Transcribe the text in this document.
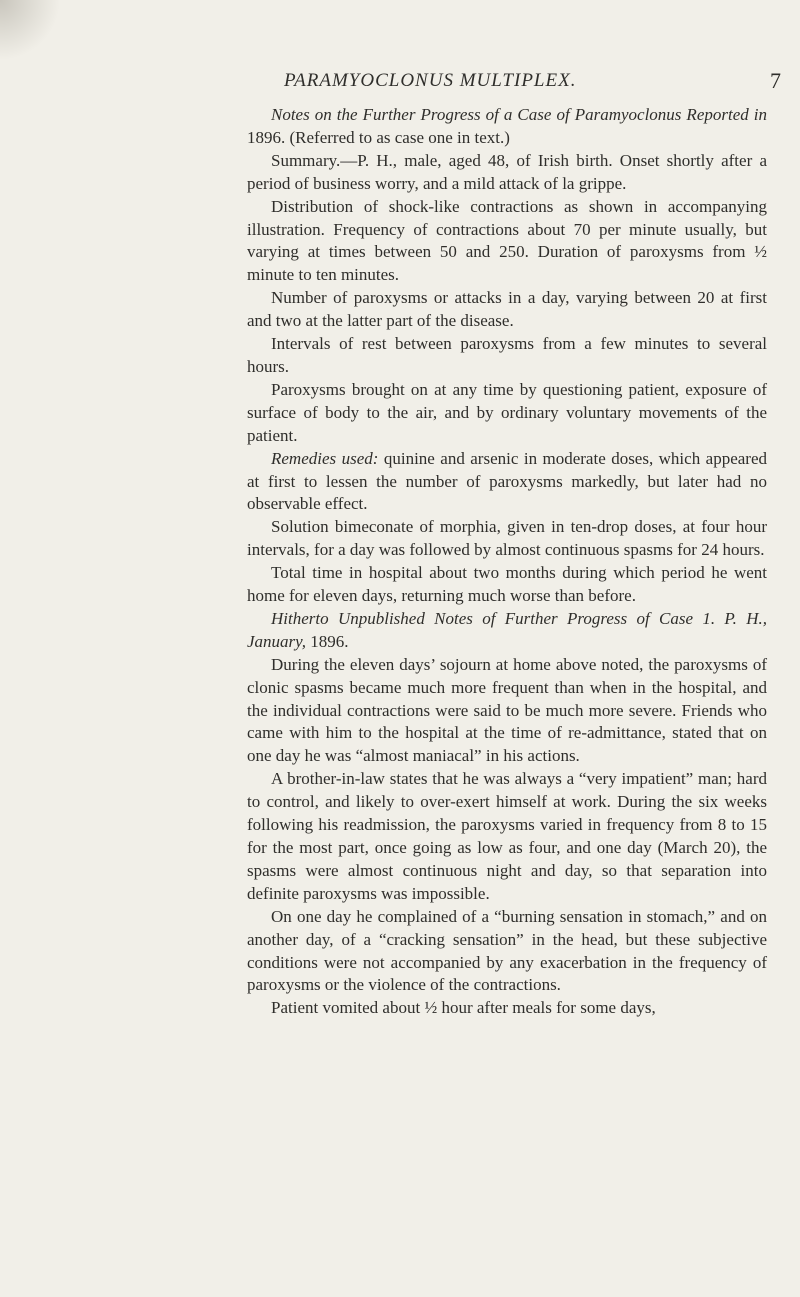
PARAMYOCLONUS MULTIPLEX.	7

Notes on the Further Progress of a Case of Paramyoclonus Reported in 1896. (Referred to as case one in text.)

Summary.—P. H., male, aged 48, of Irish birth. Onset shortly after a period of business worry, and a mild attack of la grippe.

Distribution of shock-like contractions as shown in accompanying illustration. Frequency of contractions about 70 per minute usually, but varying at times between 50 and 250. Duration of paroxysms from ½ minute to ten minutes.

Number of paroxysms or attacks in a day, varying between 20 at first and two at the latter part of the disease.

Intervals of rest between paroxysms from a few minutes to several hours.

Paroxysms brought on at any time by questioning patient, exposure of surface of body to the air, and by ordinary voluntary movements of the patient.

Remedies used: quinine and arsenic in moderate doses, which appeared at first to lessen the number of paroxysms markedly, but later had no observable effect.

Solution bimeconate of morphia, given in ten-drop doses, at four hour intervals, for a day was followed by almost continuous spasms for 24 hours.

Total time in hospital about two months during which period he went home for eleven days, returning much worse than before.

Hitherto Unpublished Notes of Further Progress of Case 1. P. H., January, 1896.

During the eleven days’ sojourn at home above noted, the paroxysms of clonic spasms became much more frequent than when in the hospital, and the individual contractions were said to be much more severe. Friends who came with him to the hospital at the time of re-admittance, stated that on one day he was “almost maniacal” in his actions.

A brother-in-law states that he was always a “very impatient” man; hard to control, and likely to over-exert himself at work. During the six weeks following his readmission, the paroxysms varied in frequency from 8 to 15 for the most part, once going as low as four, and one day (March 20), the spasms were almost continuous night and day, so that separation into definite paroxysms was impossible.

On one day he complained of a “burning sensation in stomach,” and on another day, of a “cracking sensation” in the head, but these subjective conditions were not accompanied by any exacerbation in the frequency of paroxysms or the violence of the contractions.

Patient vomited about ½ hour after meals for some days,
